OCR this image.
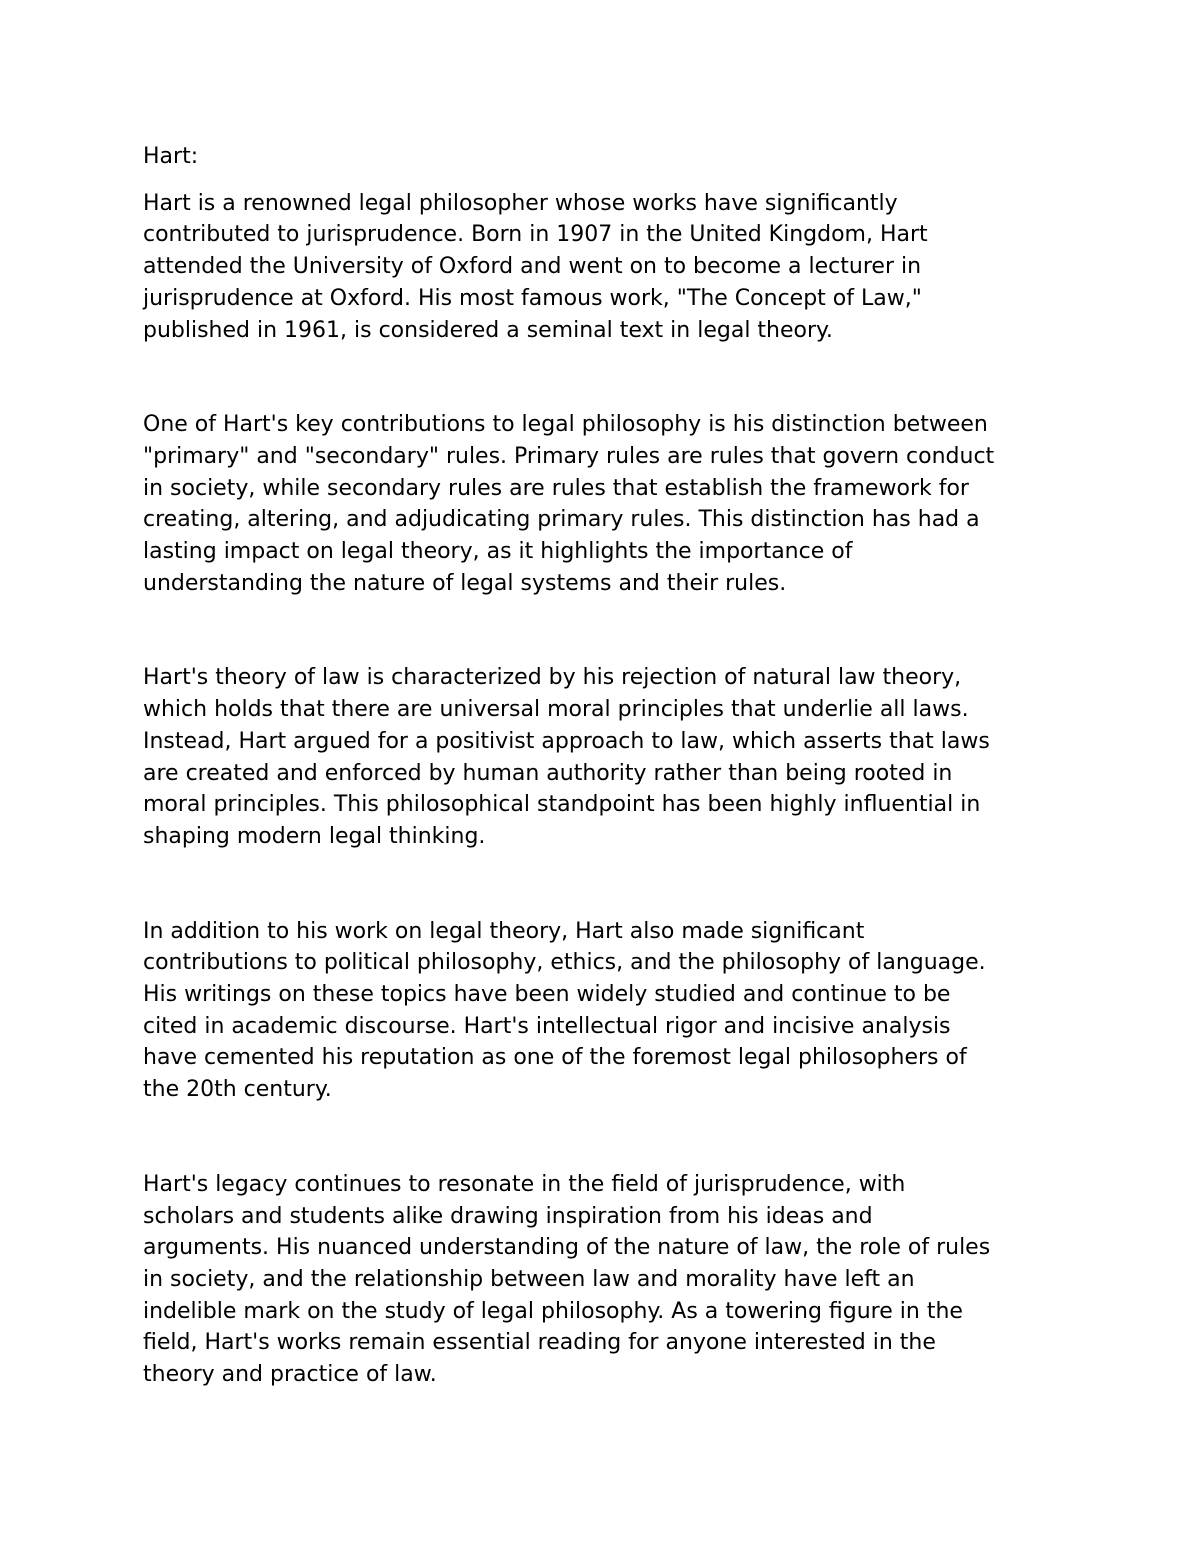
Hart:
Hart is a renowned legal philosopher whose works have significantly
contributed to jurisprudence. Born in 1907 in the United Kingdom, Hart
attended the University of Oxford and went on to become a lecturer in
jurisprudence at Oxford. His most famous work, "The Concept of Law,"
published in 1961, is considered a seminal text in legal theory.
One of Hart's key contributions to legal philosophy is his distinction between
"primary" and "secondary" rules. Primary rules are rules that govern conduct
in society, while secondary rules are rules that establish the framework for
creating, altering, and adjudicating primary rules. This distinction has had a
lasting impact on legal theory, as it highlights the importance of
understanding the nature of legal systems and their rules.
Hart's theory of law is characterized by his rejection of natural law theory,
which holds that there are universal moral principles that underlie all laws.
Instead, Hart argued for a positivist approach to law, which asserts that laws
are created and enforced by human authority rather than being rooted in
moral principles. This philosophical standpoint has been highly influential in
shaping modern legal thinking.
In addition to his work on legal theory, Hart also made significant
contributions to political philosophy, ethics, and the philosophy of language.
His writings on these topics have been widely studied and continue to be
cited in academic discourse. Hart's intellectual rigor and incisive analysis
have cemented his reputation as one of the foremost legal philosophers of
the 20th century.
Hart's legacy continues to resonate in the field of jurisprudence, with
scholars and students alike drawing inspiration from his ideas and
arguments. His nuanced understanding of the nature of law, the role of rules
in society, and the relationship between law and morality have left an
indelible mark on the study of legal philosophy. As a towering figure in the
field, Hart's works remain essential reading for anyone interested in the
theory and practice of law.
